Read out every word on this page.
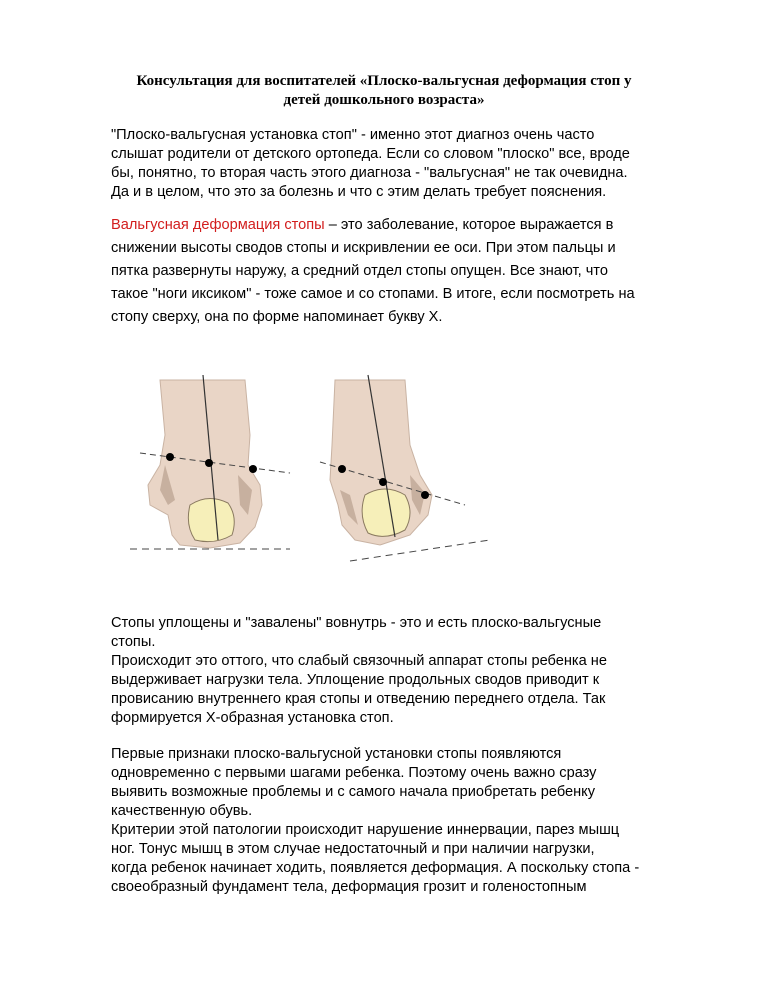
Консультация для воспитателей «Плоско-вальгусная деформация стоп у
детей дошкольного возраста»
"Плоско-вальгусная установка стоп" - именно этот диагноз очень часто
слышат родители от детского ортопеда. Если со словом "плоско" все, вроде
бы, понятно, то вторая часть этого диагноза - "вальгусная" не так очевидна.
Да и в целом, что это за болезнь и что с этим делать требует пояснения.
Вальгусная деформация стопы – это заболевание, которое выражается в
снижении высоты сводов стопы и искривлении ее оси. При этом пальцы и
пятка развернуты наружу, а средний отдел стопы опущен. Все знают, что
такое "ноги иксиком" - тоже самое и со стопами. В итоге, если посмотреть на
стопу сверху, она по форме напоминает букву Х.
Стопы уплощены и "завалены" вовнутрь - это и есть плоско-вальгусные
стопы.
Происходит это оттого, что слабый связочный аппарат стопы ребенка не
выдерживает нагрузки тела. Уплощение продольных сводов приводит к
провисанию внутреннего края стопы и отведению переднего отдела. Так
формируется Х-образная установка стоп.
Первые признаки плоско-вальгусной установки стопы появляются
одновременно с первыми шагами ребенка. Поэтому очень важно сразу
выявить возможные проблемы и с самого начала приобретать ребенку
качественную обувь.
Критерии этой патологии происходит нарушение иннервации, парез мышц
ног. Тонус мышц в этом случае недостаточный и при наличии нагрузки,
когда ребенок начинает ходить, появляется деформация. А поскольку стопа -
своеобразный фундамент тела, деформация грозит и голеностопным
